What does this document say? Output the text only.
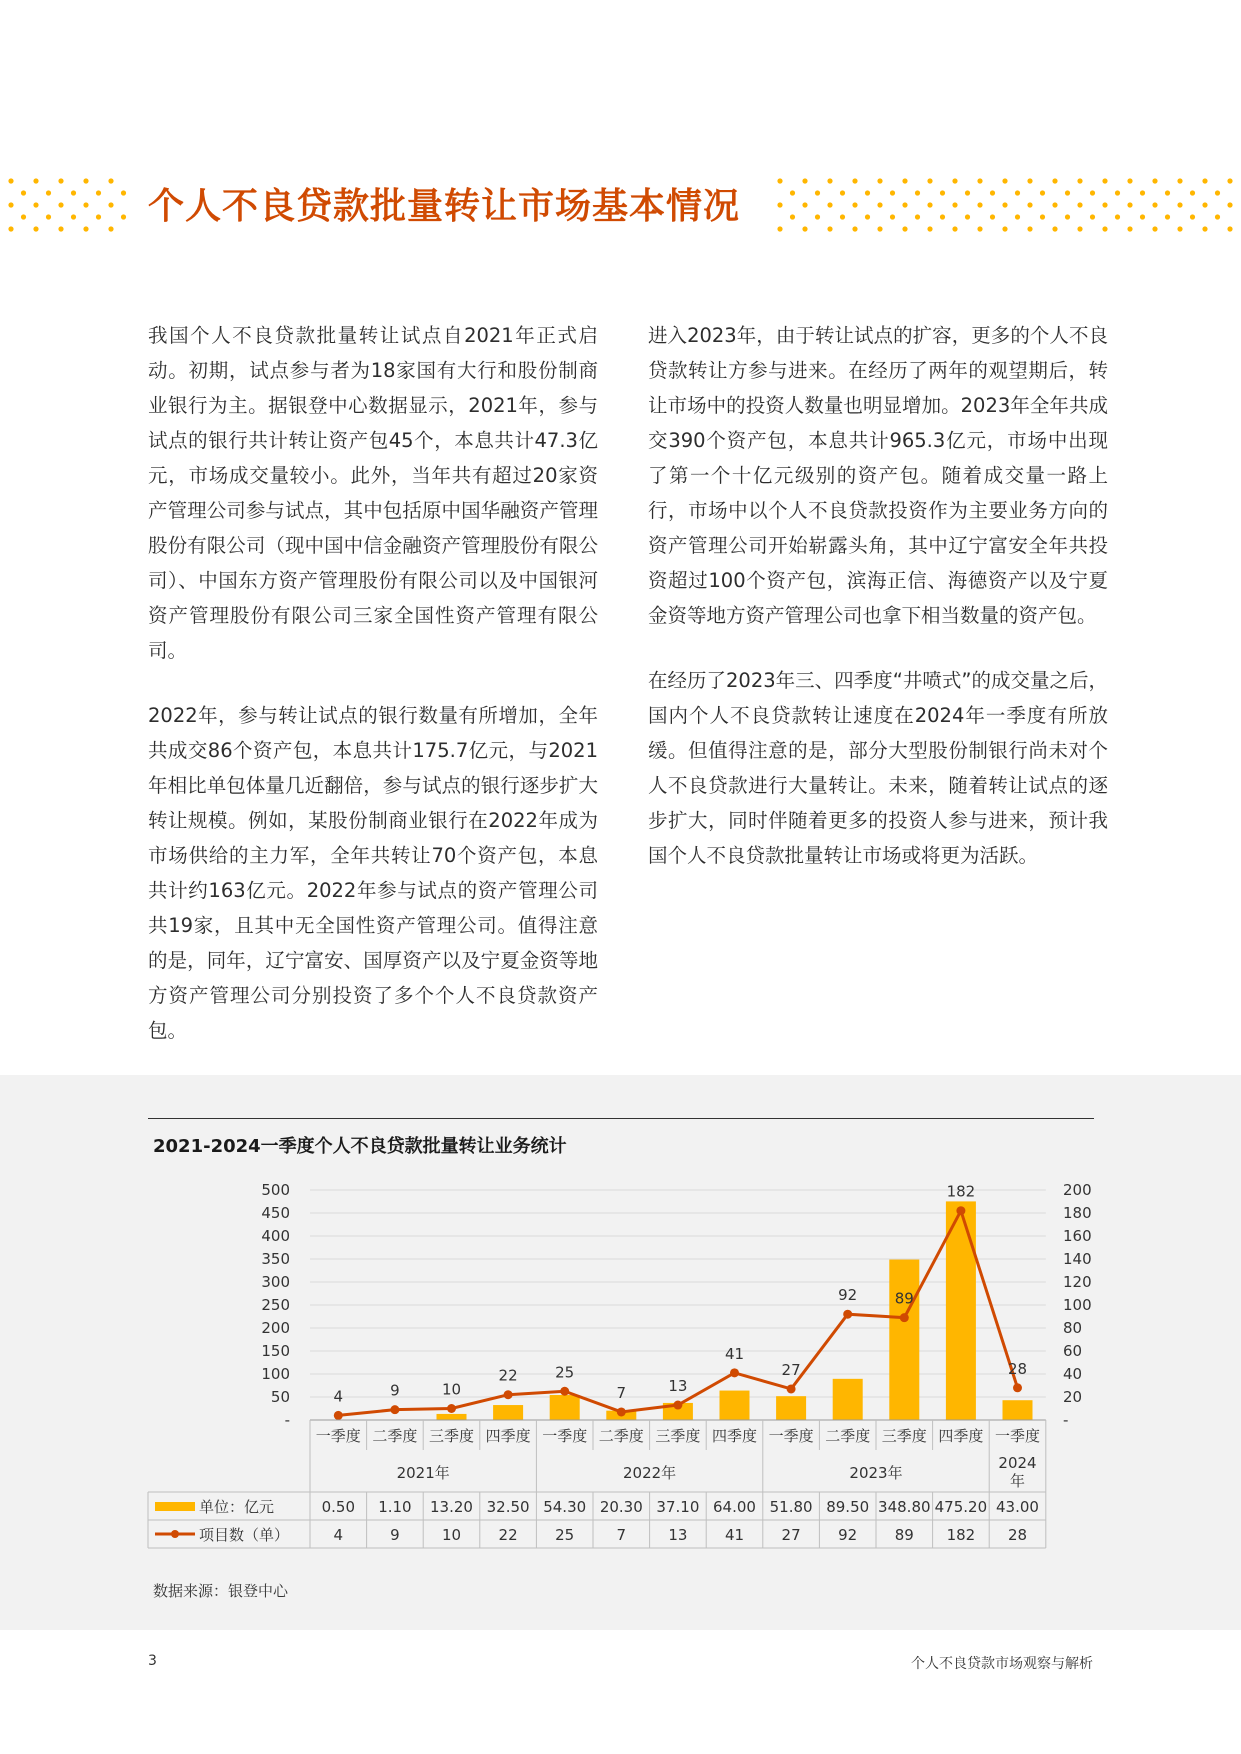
个人不良贷款批量转让市场基本情况

我国个人不良贷款批量转让试点自2021年正式启动。初期，试点参与者为18家国有大行和股份制商业银行为主。据银登中心数据显示，2021年，参与试点的银行共计转让资产包45个，本息共计47.3亿元，市场成交量较小。此外，当年共有超过20家资产管理公司参与试点，其中包括原中国华融资产管理股份有限公司（现中国中信金融资产管理股份有限公司）、中国东方资产管理股份有限公司以及中国银河资产管理股份有限公司三家全国性资产管理有限公司。

2022年，参与转让试点的银行数量有所增加，全年共成交86个资产包，本息共计175.7亿元，与2021年相比单包体量几近翻倍，参与试点的银行逐步扩大转让规模。例如，某股份制商业银行在2022年成为市场供给的主力军，全年共转让70个资产包，本息共计约163亿元。2022年参与试点的资产管理公司共19家，且其中无全国性资产管理公司。值得注意的是，同年，辽宁富安、国厚资产以及宁夏金资等地方资产管理公司分别投资了多个个人不良贷款资产包。

进入2023年，由于转让试点的扩容，更多的个人不良贷款转让方参与进来。在经历了两年的观望期后，转让市场中的投资人数量也明显增加。2023年全年共成交390个资产包，本息共计965.3亿元，市场中出现了第一个十亿元级别的资产包。随着成交量一路上行，市场中以个人不良贷款投资作为主要业务方向的资产管理公司开始崭露头角，其中辽宁富安全年共投资超过100个资产包，滨海正信、海德资产以及宁夏金资等地方资产管理公司也拿下相当数量的资产包。

在经历了2023年三、四季度“井喷式”的成交量之后，国内个人不良贷款转让速度在2024年一季度有所放缓。但值得注意的是，部分大型股份制银行尚未对个人不良贷款进行大量转让。未来，随着转让试点的逐步扩大，同时伴随着更多的投资人参与进来，预计我国个人不良贷款批量转让市场或将更为活跃。

2021-2024一季度个人不良贷款批量转让业务统计
-
50
100
150
200
250
300
350
400
450
500
-
20
40
60
80
100
120
140
160
180
200
4	9	10
22	25
7	13
41
27
92	89
182
28
一季度 二季度 三季度 四季度 一季度 二季度 三季度 四季度 一季度 二季度 三季度 四季度 一季度
2021年	2022年	2023年
2024 年
单位：亿元	0.50 1.10 13.20 32.50 54.30 20.30 37.10 64.00 51.80 89.50 348.80 475.20 43.00
项目数（单）	4	9	10	22	25	7	13	41	27	92	89 182 28
数据来源：银登中心
3	个人不良贷款市场观察与解析
